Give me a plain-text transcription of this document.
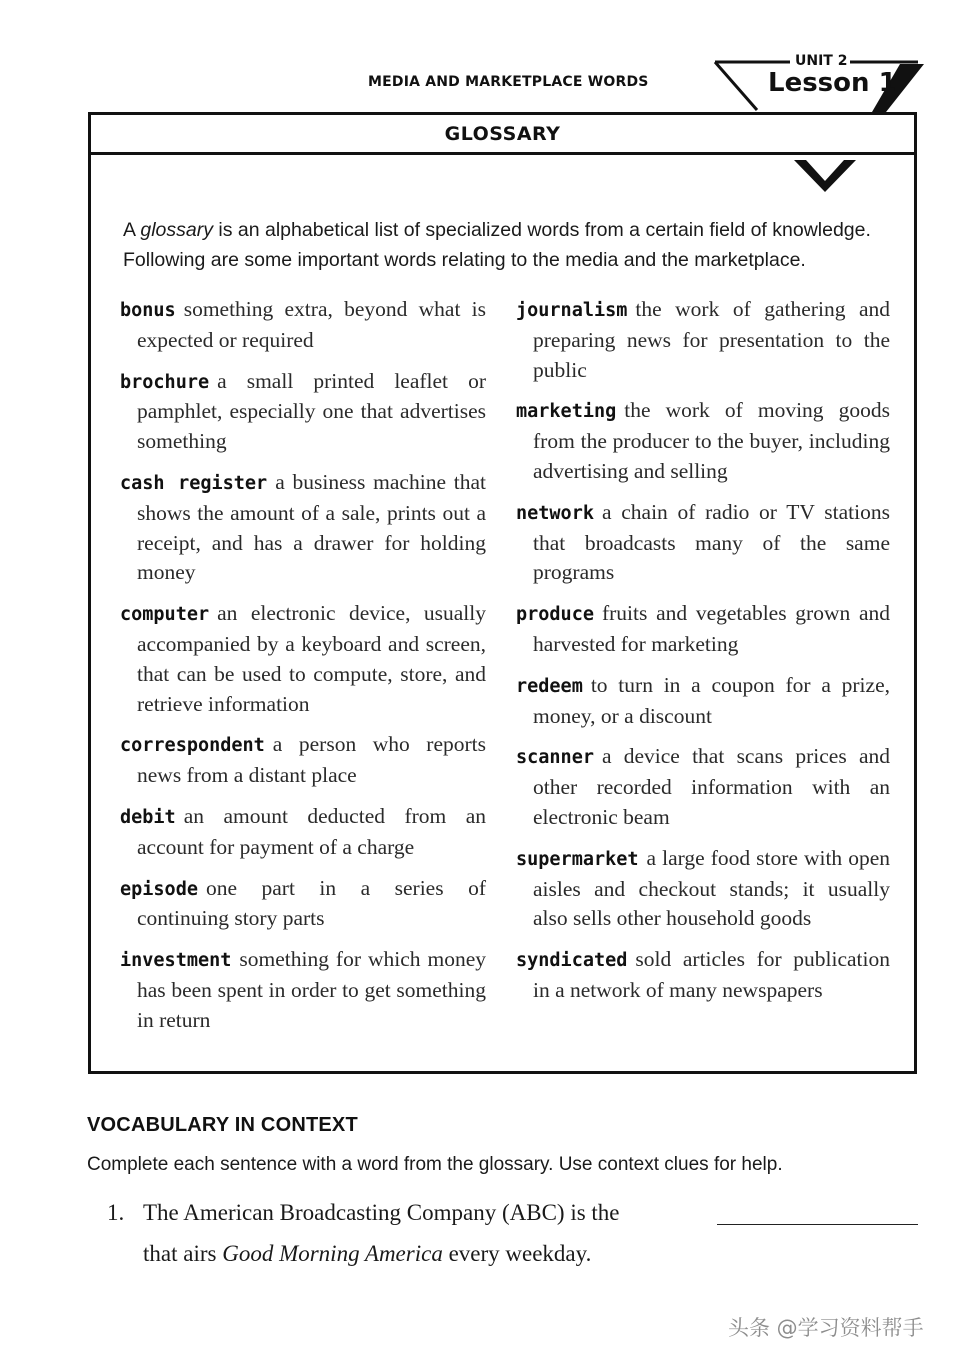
MEDIA AND MARKETPLACE WORDS
UNIT 2
Lesson 1
GLOSSARY

A glossary is an alphabetical list of specialized words from a certain field of knowledge. Following are some important words relating to the media and the marketplace.

bonus something extra, beyond what is expected or required

brochure a small printed leaflet or pamphlet, especially one that advertises something

cash register a business machine that shows the amount of a sale, prints out a receipt, and has a drawer for holding money

computer an electronic device, usually accompanied by a keyboard and screen, that can be used to compute, store, and retrieve information

correspondent a person who reports news from a distant place

debit an amount deducted from an account for payment of a charge

episode one part in a series of continuing story parts

investment something for which money has been spent in order to get something in return

journalism the work of gathering and preparing news for presentation to the public

marketing the work of moving goods from the producer to the buyer, including advertising and selling

network a chain of radio or TV stations that broadcasts many of the same programs

produce fruits and vegetables grown and harvested for marketing

redeem to turn in a coupon for a prize, money, or a discount

scanner a device that scans prices and other recorded information with an electronic beam

supermarket a large food store with open aisles and checkout stands; it usually also sells other household goods

syndicated sold articles for publication in a network of many newspapers

VOCABULARY IN CONTEXT
Complete each sentence with a word from the glossary. Use context clues for help.
1. The American Broadcasting Company (ABC) is the
that airs Good Morning America every weekday.
头条 @学习资料帮手
